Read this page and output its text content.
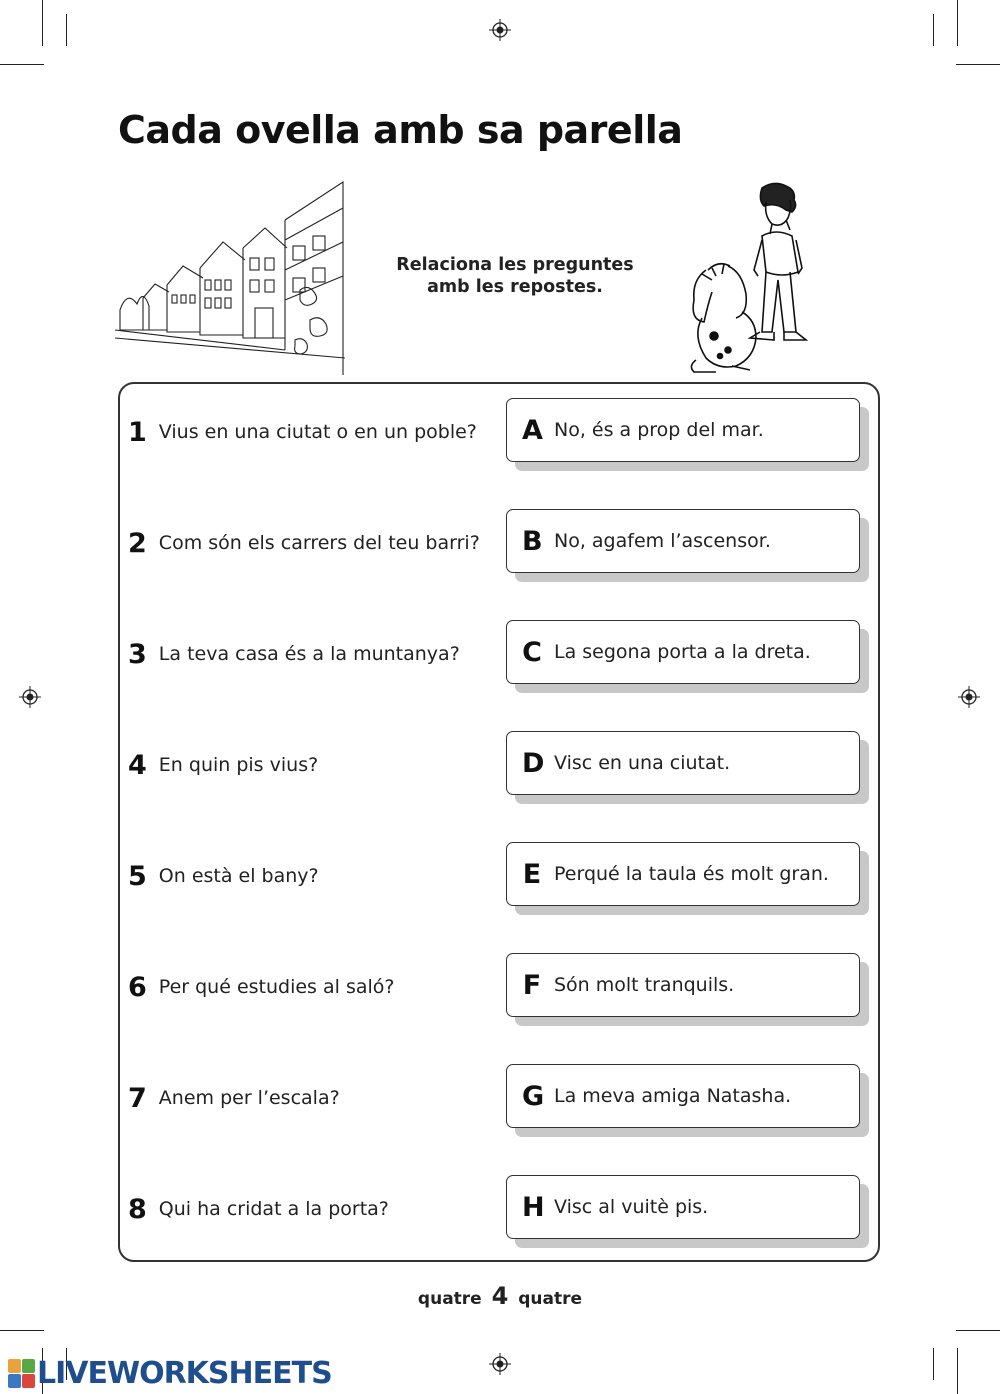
Cada ovella amb sa parella
Relaciona les preguntes
amb les repostes.
1 Vius en una ciutat o en un poble?
2 Com són els carrers del teu barri?
3 La teva casa és a la muntanya?
4 En quin pis vius?
5 On està el bany?
6 Per qué estudies al saló?
7 Anem per l’escala?
8 Qui ha cridat a la porta?
A No, és a prop del mar.
B No, agafem l’ascensor.
C La segona porta a la dreta.
D Visc en una ciutat.
E Perqué la taula és molt gran.
F Són molt tranquils.
G La meva amiga Natasha.
H Visc al vuitè pis.
quatre 4 quatre
LIVEWORKSHEETS
